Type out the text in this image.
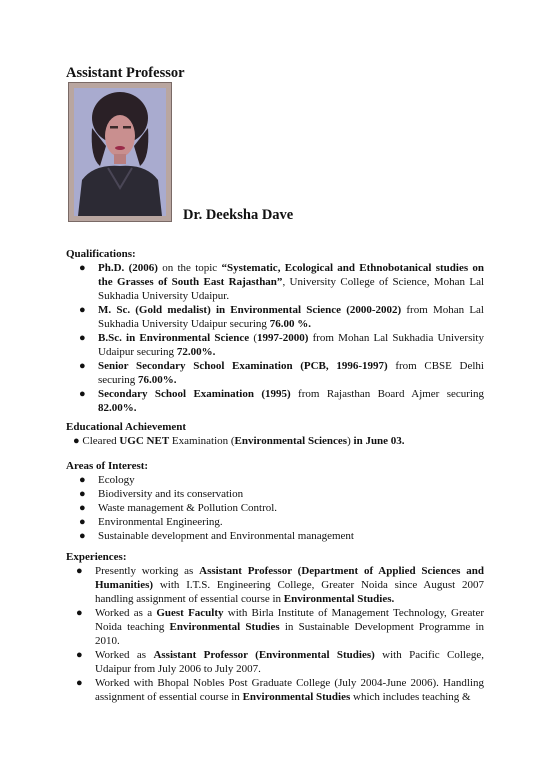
Assistant Professor
Dr. Deeksha Dave
Qualifications:
● Ph.D. (2006) on the topic “Systematic, Ecological and Ethnobotanical studies on the Grasses of South East Rajasthan”, University College of Science, Mohan Lal Sukhadia University Udaipur.
● M. Sc. (Gold medalist) in Environmental Science (2000-2002) from Mohan Lal Sukhadia University Udaipur securing 76.00 %.
● B.Sc. in Environmental Science (1997-2000) from Mohan Lal Sukhadia University Udaipur securing 72.00%.
● Senior Secondary School Examination (PCB, 1996-1997) from CBSE Delhi securing 76.00%.
● Secondary School Examination (1995) from Rajasthan Board Ajmer securing 82.00%.
Educational Achievement
● Cleared UGC NET Examination (Environmental Sciences) in June 03.
Areas of Interest:
● Ecology
● Biodiversity and its conservation
● Waste management & Pollution Control.
● Environmental Engineering.
● Sustainable development and Environmental management
Experiences:
● Presently working as Assistant Professor (Department of Applied Sciences and Humanities) with I.T.S. Engineering College, Greater Noida since August 2007 handling assignment of essential course in Environmental Studies.
● Worked as a Guest Faculty with Birla Institute of Management Technology, Greater Noida teaching Environmental Studies in Sustainable Development Programme in 2010.
● Worked as Assistant Professor (Environmental Studies) with Pacific College, Udaipur from July 2006 to July 2007.
● Worked with Bhopal Nobles Post Graduate College (July 2004-June 2006). Handling assignment of essential course in Environmental Studies which includes teaching &
